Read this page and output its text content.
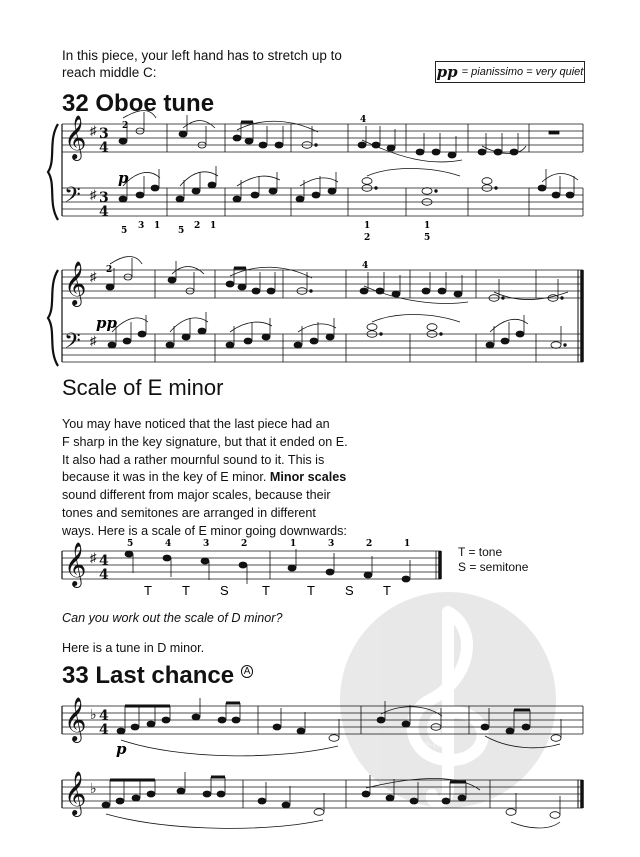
In this piece, your left hand has to stretch up to
reach middle C:	pp = pianissimo = very quiet
32 Oboe tune
Scale of E minor
You may have noticed that the last piece had an
F sharp in the key signature, but that it ended on E.
It also had a rather mournful sound to it. This is
because it was in the key of E minor. Minor scales
sound different from major scales, because their
tones and semitones are arranged in different
ways. Here is a scale of E minor going downwards:
T = tone
S = semitone
Can you work out the scale of D minor?
Here is a tune in D minor.
33 Last chance $^A$
sue-nos
𝄞
𝄢
♯
♯
3
4
3
4
p
2
4
5 3 1 5 2 1	1
2
1
5
𝄞
𝄢
♯
♯
pp
2	4
𝄞 ♯ 4
4
5	4	3	2	1	3	2	1
T T S	T	T S T
𝄞 ♭ 4
4
p
𝄞 ♭
